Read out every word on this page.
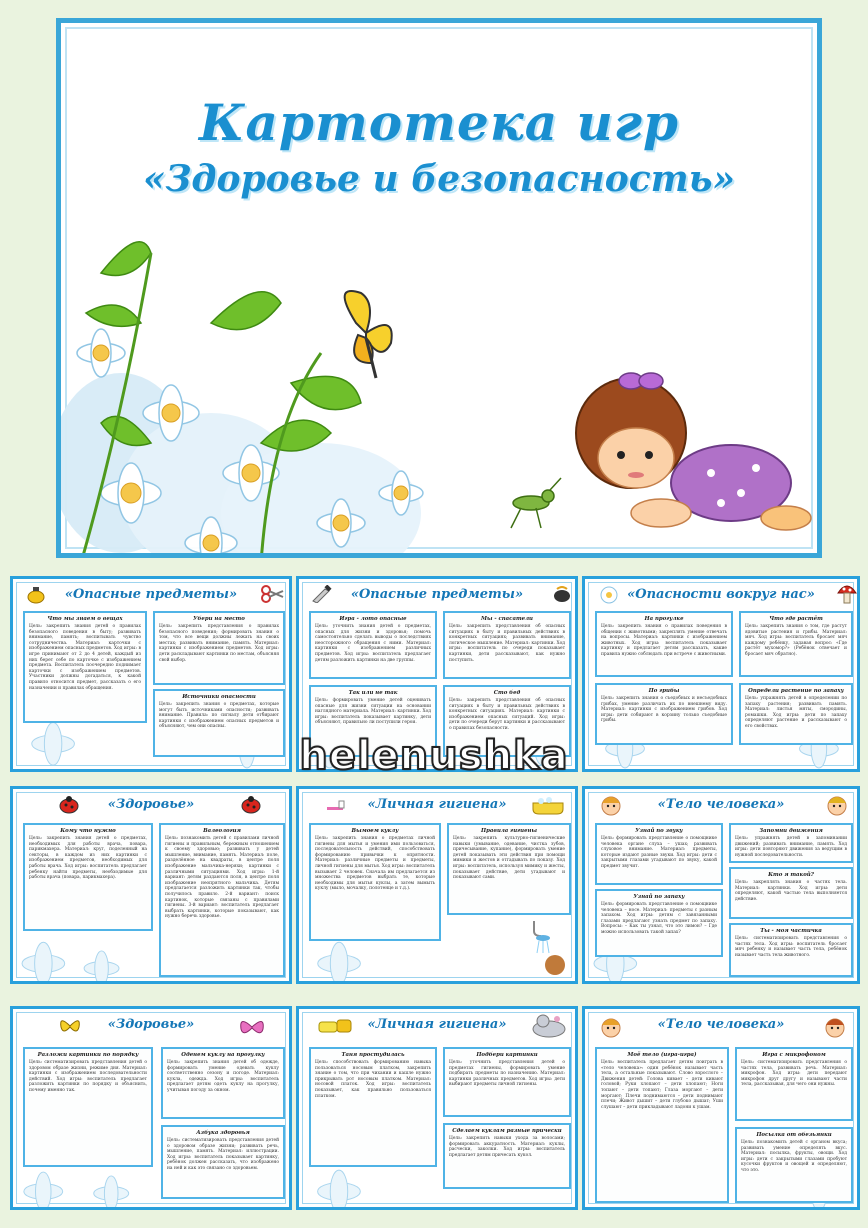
Картотека игр
«Здоровье и безопасность»
«Опасные предметы»
Что мы знаем о вещах
Цель: закрепить знания детей о правилах безопасного поведения в быту; развивать внимание, память; воспитывать чувство сотрудничества. Материал: карточки с изображением опасных предметов. Ход игры: в игре принимают от 2 до 4 детей, каждый из них берет себе по карточке с изображением предмета. Воспитатель поочередно поднимает карточки с изображением предметов. Участники должны догадаться, к какой правило относится предмет, рассказать о его назначении и правилах обращения.
Убери на место
Цель: закрепить представления о правилах безопасного поведения; формировать знания о том, что все вещи должны лежать на своих местах; развивать внимание, память. Материал: картинки с изображением предметов. Ход игры: дети раскладывают картинки по местам, объясняя свой выбор.
Источники опасности
Цель: закрепить знания о предметах, которые могут быть источниками опасности; развивать внимание. Правила: по сигналу дети отбирают картинки с изображением опасных предметов и объясняют, чем они опасны.
«Опасные предметы»
Игра - лото опасные
Цель: уточнить знания детей о предметах, опасных для жизни и здоровья; помочь самостоятельно сделать выводы о последствиях неосторожного обращения с ними. Материал: картинки с изображением различных предметов. Ход игры: воспитатель предлагает детям разложить картинки на две группы.
Мы - спасатели
Цель: закрепить представления об опасных ситуациях в быту и правильных действиях в конкретных ситуациях; развивать внимание, логическое мышление. Материал: картинки. Ход игры: воспитатель по очереди показывает картинки, дети рассказывают, как нужно поступить.
Так или не так
Цель: формировать умение детей оценивать опасные для жизни ситуации на основании наглядного материала. Материал: картинки. Ход игры: воспитатель показывает картинку, дети объясняют, правильно ли поступили герои.
Сто бед
Цель: закрепить представления об опасных ситуациях в быту и правильных действиях в конкретных ситуациях. Материал: картинки с изображением опасных ситуаций. Ход игры: дети по очереди берут картинки и рассказывают о правилах безопасности.
«Опасности вокруг нас»
На прогулке
Цель: закрепить знания о правилах поведения в общении с животными; закреплять умение отвечать на вопросы. Материал: картинки с изображением животных. Ход игры: воспитатель показывает картинку и предлагает детям рассказать, какие правила нужно соблюдать при встрече с животными.
Что где растёт
Цель: закрепить знания о том, где растут ядовитые растения и грибы. Материал: мяч. Ход игры: воспитатель бросает мяч каждому ребёнку, задавая вопрос: «Где растёт мухомор?» (Ребёнок отвечает и бросает мяч обратно).
По грибы
Цель: закрепить знания о съедобных и несъедобных грибах, умение различать их по внешнему виду. Материал: картинки с изображением грибов. Ход игры: дети собирают в корзину только съедобные грибы.
Определи растение по запаху
Цель: упражнять детей в определении по запаху растения; развивать память. Материал: листья мяты, смородины, ромашки. Ход игры: дети по запаху определяют растение и рассказывают о его свойствах.
«Здоровье»
Кому что нужно
Цель: закрепить знания детей о предметах, необходимых для работы врача, повара, парикмахера. Материал: круг, поделенный на секторы, в каждом из них картинки с изображением предметов, необходимых для работы врача. Ход игры: воспитатель предлагает ребенку найти предметы, необходимые для работы врача (повара, парикмахера).
Валеология
Цель: познакомить детей с правилами личной гигиены и правильным, бережным отношением к своему здоровью; развивать у детей мышление, внимание, память. Материал: поле, разделённое на квадраты, в центре поля изображение мальчика-неряхи; картинки с различными ситуациями. Ход игры: 1-й вариант: детям раздаются поля, в центре поля изображение неопрятного мальчика. Детям предлагается разложить картинки так, чтобы получилось правило. 2-й вариант: поиск картинок, которые связаны с правилами гигиены. 3-й вариант: воспитатель предлагает выбрать картинки, которые показывают, как нужно беречь здоровье.
«Личная гигиена»
Вымоем куклу
Цель: закрепить знания о предметах личной гигиены для мытья и умения ими пользоваться, последовательность действий, способствовать формированию привычки к опрятности. Материал: различные предметы и предметы, личной гигиены для мытья. Ход игры: воспитатель вызывает 2 человек. Сначала им предлагается из множества предметов выбрать те, которые необходимы для мытья куклы, а затем вымыть куклу (мыло, мочалку, полотенце и т.д.).
Правила гигиены
Цель: закрепить культурно-гигиенические навыки (умывание, одевание, чистка зубов, причесывание, купание), формировать умение детей показывать эти действия при помощи мимики и жестов и отгадывать по показу. Ход игры: воспитатель, используя мимику и жесты, показывает действие, дети угадывают и показывают сами.
«Тело человека»
Узнай по звуку
Цель: формировать представление о помощнике человека органе слуха – ушах; развивать слуховое внимание. Материал: предметы, которые издают разные звуки. Ход игры: дети с закрытыми глазами угадывают по звуку, какой предмет звучит.
Узнай по запаху
Цель: формировать представление о помощнике человека – носе. Материал: предметы с разным запахом. Ход игры: детям с завязанными глазами предлагают узнать предмет по запаху. Вопросы: – Как ты узнал, что это лимон? – Где можно использовать такой запах?
Запомни движения
Цель: упражнять детей в запоминании движений; развивать внимание, память. Ход игры: дети повторяют движения за ведущим в нужной последовательности.
Кто я такой?
Цель: закреплять знания о частях тела. Материал: картинки. Ход игры: дети определяют, какой частью тела выполняется действие.
Ты - моя частичка
Цель: систематизировать представления о частях тела. Ход игры: воспитатель бросает мяч ребенку и называет часть тела, ребёнок называет часть тела животного.
«Здоровье»
Разложи картинки по порядку
Цель: систематизировать представления детей о здоровом образе жизни, режиме дня. Материал: картинки с изображением последовательности действий. Ход игры: воспитатель предлагает разложить картинки по порядку и объяснить, почему именно так.
Оденем куклу на прогулку
Цель: закрепить знания детей об одежде, формировать умение одевать куклу соответственно сезону и погоде. Материал: кукла, одежда. Ход игры: воспитатель предлагает детям одеть куклу на прогулку, учитывая погоду за окном.
Азбука здоровья
Цель: систематизировать представления детей о здоровом образе жизни; развивать речь, мышление, память. Материал: иллюстрации. Ход игры: воспитатель показывает картинку, ребёнок должен рассказать, что изображено на ней и как это связано со здоровьем.
«Личная гигиена»
Таня простудилась
Цель: способствовать формированию навыка пользоваться носовым платком, закрепить знание о том, что при чихании и кашле нужно прикрывать рот носовым платком. Материал: носовой платок. Ход игры: воспитатель показывает, как правильно пользоваться платком.
Подбери картинки
Цель: уточнить представления детей о предметах гигиены, формировать умение подбирать предметы по назначению. Материал: картинки различных предметов. Ход игры: дети выбирают предметы личной гигиены.
Сделаем куклам разные прически
Цель: закрепить навыки ухода за волосами; формировать аккуратность. Материал: куклы, расчески, заколки. Ход игры: воспитатель предлагает детям причесать кукол.
«Тело человека»
Моё тело (игра-игра)
Цель: воспитатель предлагает детям поиграть в «тело человека»: один ребёнок называет часть тела, а остальные показывают. Слово взрослого – Движения детей: Голова кивает – дети кивают головой; Руки хлопают – дети хлопают; Ноги топают – дети топают; Глаза моргают – дети моргают; Плечи поднимаются – дети поднимают плечи; Живот дышит – дети глубоко дышат; Уши слушают – дети прикладывают ладони к ушам.
Игра с микрофоном
Цель: систематизировать представления о частях тела, развивать речь. Материал: микрофон. Ход игры: дети передают микрофон друг другу и называют части тела, рассказывая, для чего они нужны.
Посылка от обезьянки
Цель: познакомить детей с органом вкуса; развивать умение определять вкус. Материал: посылка, фрукты, овощи. Ход игры: дети с закрытыми глазами пробуют кусочки фруктов и овощей и определяют, что это.
helenushka
